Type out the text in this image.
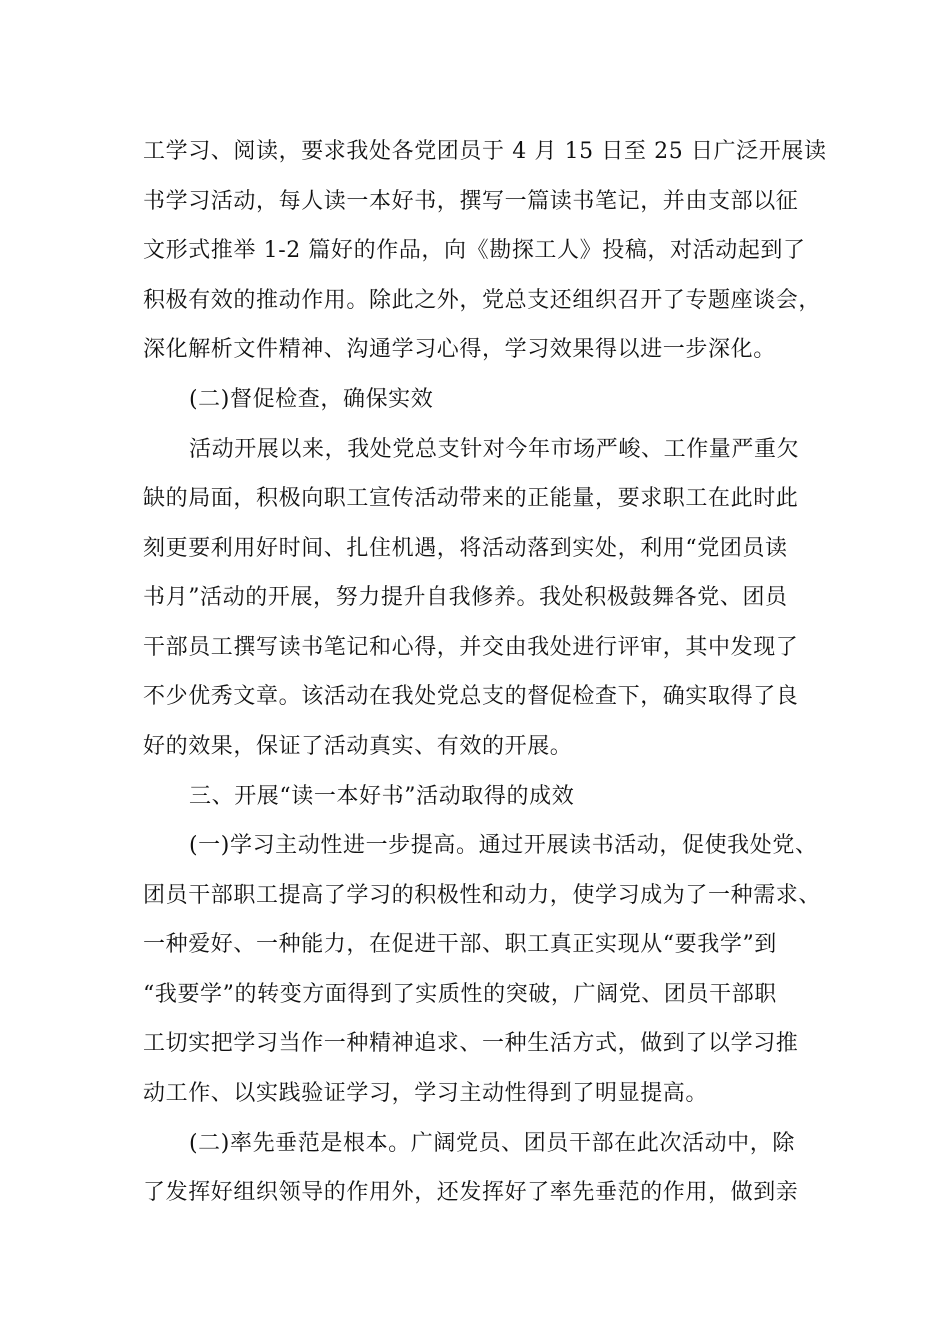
工学习、阅读，要求我处各党团员于 4 月 15 日至 25 日广泛开展读
书学习活动，每人读一本好书，撰写一篇读书笔记，并由支部以征
文形式推举 1-2 篇好的作品，向《勘探工人》投稿，对活动起到了
积极有效的推动作用。除此之外，党总支还组织召开了专题座谈会，
深化解析文件精神、沟通学习心得，学习效果得以进一步深化。
(二)督促检查，确保实效
活动开展以来，我处党总支针对今年市场严峻、工作量严重欠
缺的局面，积极向职工宣传活动带来的正能量，要求职工在此时此
刻更要利用好时间、扎住机遇，将活动落到实处，利用“党团员读
书月”活动的开展，努力提升自我修养。我处积极鼓舞各党、团员
干部员工撰写读书笔记和心得，并交由我处进行评审，其中发现了
不少优秀文章。该活动在我处党总支的督促检查下，确实取得了良
好的效果，保证了活动真实、有效的开展。
三、开展“读一本好书”活动取得的成效
(一)学习主动性进一步提高。通过开展读书活动，促使我处党、
团员干部职工提高了学习的积极性和动力，使学习成为了一种需求、
一种爱好、一种能力，在促进干部、职工真正实现从“要我学”到
“我要学”的转变方面得到了实质性的突破，广阔党、团员干部职
工切实把学习当作一种精神追求、一种生活方式，做到了以学习推
动工作、以实践验证学习，学习主动性得到了明显提高。
(二)率先垂范是根本。广阔党员、团员干部在此次活动中，除
了发挥好组织领导的作用外，还发挥好了率先垂范的作用，做到亲
